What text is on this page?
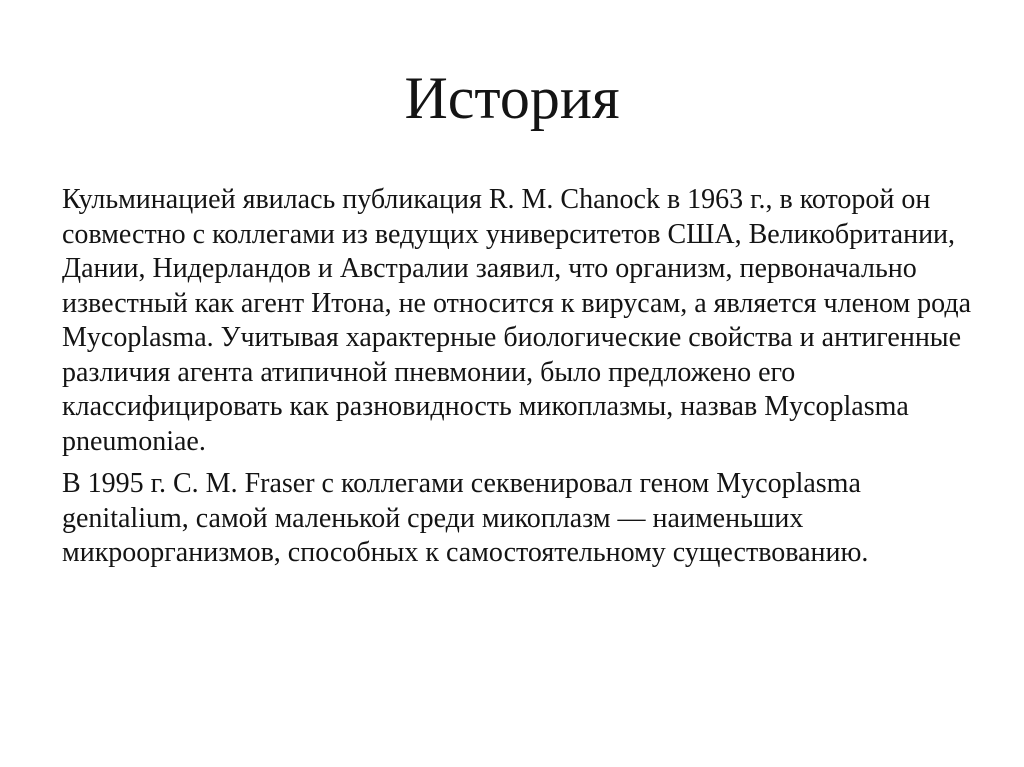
История

Кульминацией явилась публикация R. M. Chanock в 1963 г., в которой он совместно с коллегами из ведущих университетов США, Великобритании, Дании, Нидерландов и Австралии заявил, что организм, первоначально известный как агент Итона, не относится к вирусам, а является членом рода Mycoplasma. Учитывая характерные биологические свойства и антигенные различия агента атипичной пневмонии, было предложено его классифицировать как разновидность микоплазмы, назвав Mycoplasma pneumoniae.

В 1995 г. C. M. Fraser с коллегами секвенировал геном Mycoplasma genitalium, самой маленькой среди микоплазм — наименьших микроорганизмов, способных к самостоятельному существованию.
